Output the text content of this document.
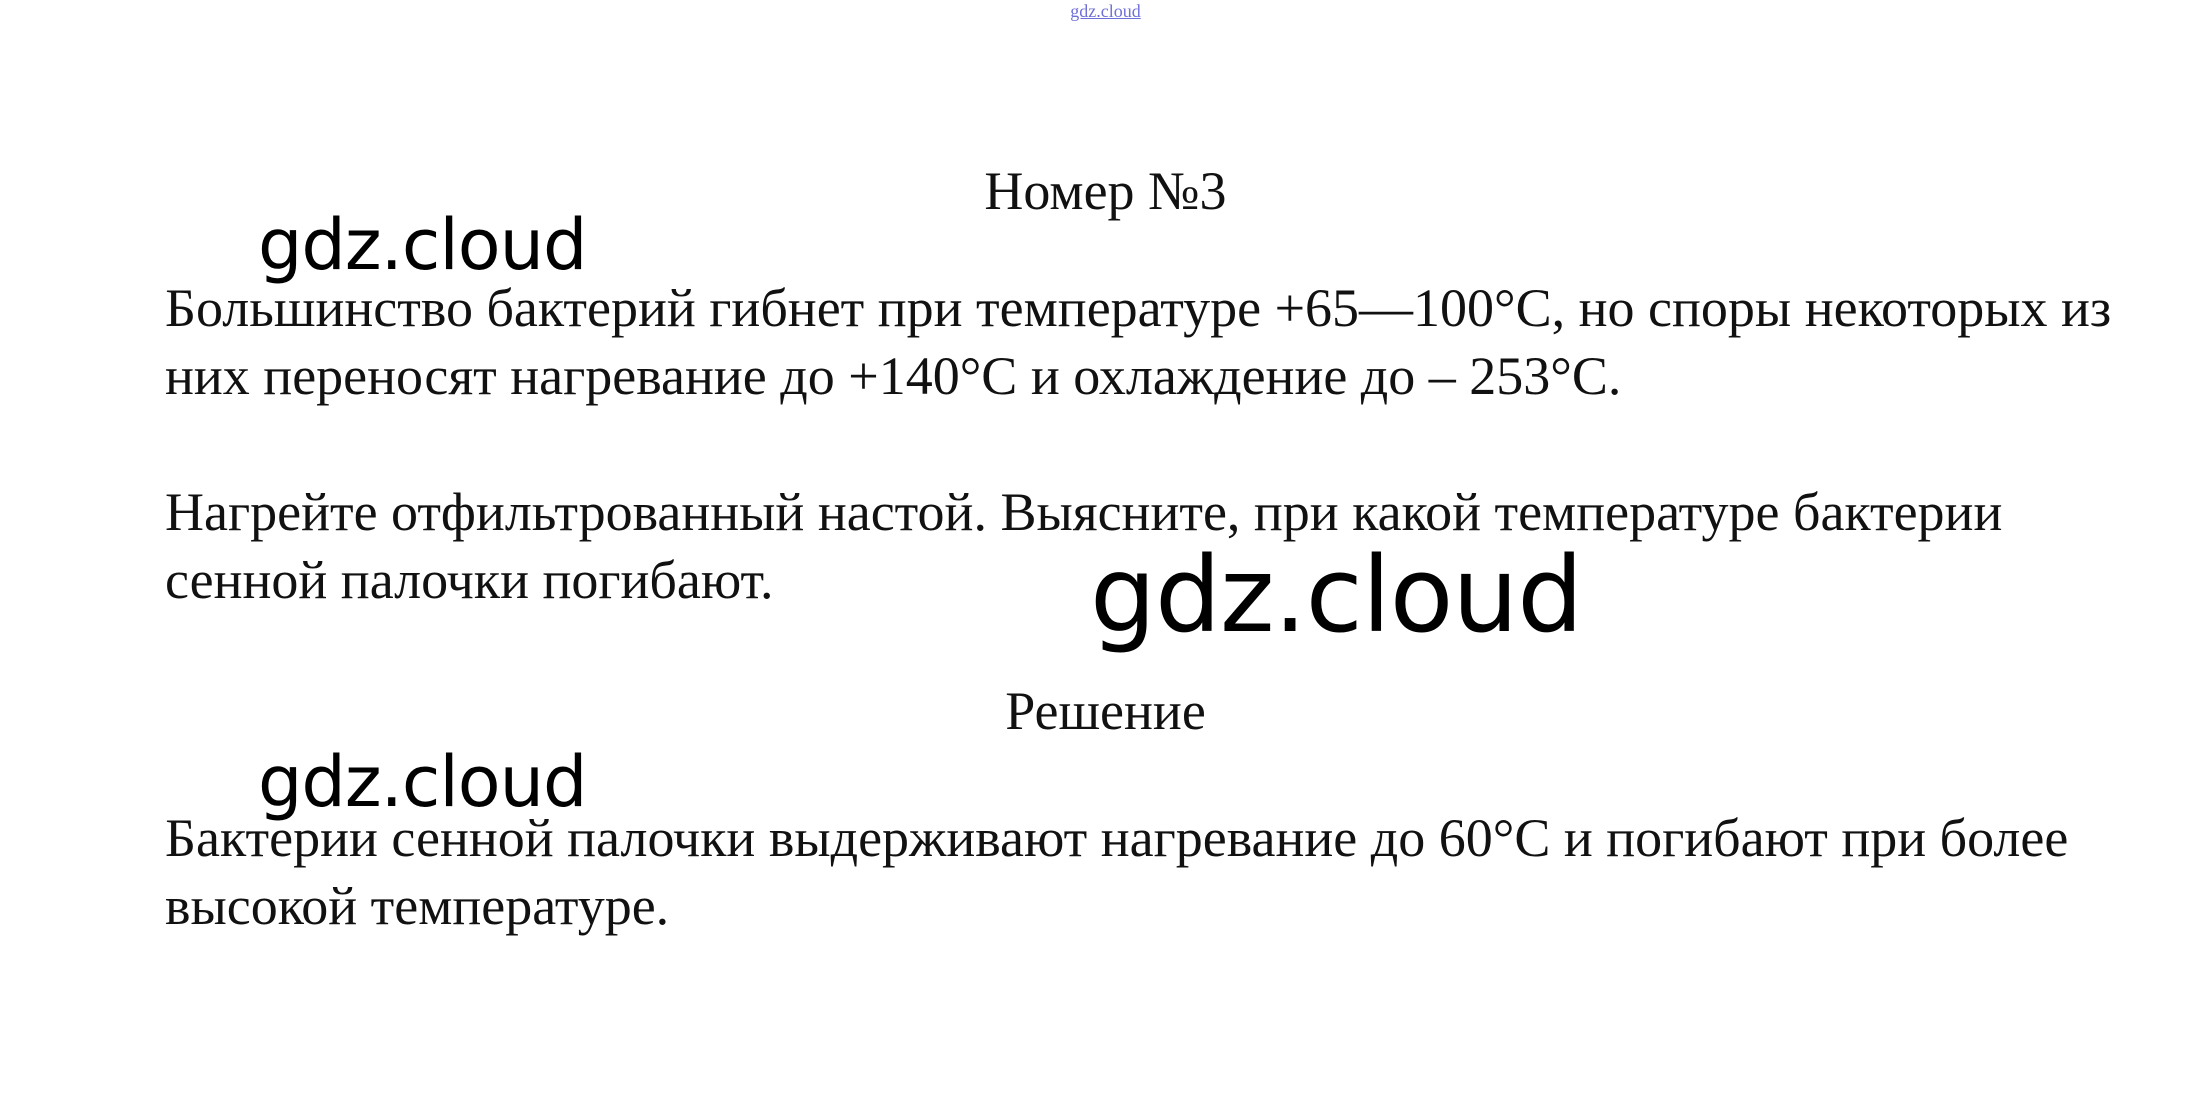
gdz.cloud
Номер №3

Большинство бактерий гибнет при температуре +65—100°С, но споры некоторых из них переносят нагревание до +140°С и охлаждение до – 253°С.

Нагрейте отфильтрованный настой. Выясните, при какой температуре бактерии сенной палочки погибают.

Решение

Бактерии сенной палочки выдерживают нагревание до 60°С и погибают при более высокой температуре.

gdz.cloud
gdz.cloud
gdz.cloud
